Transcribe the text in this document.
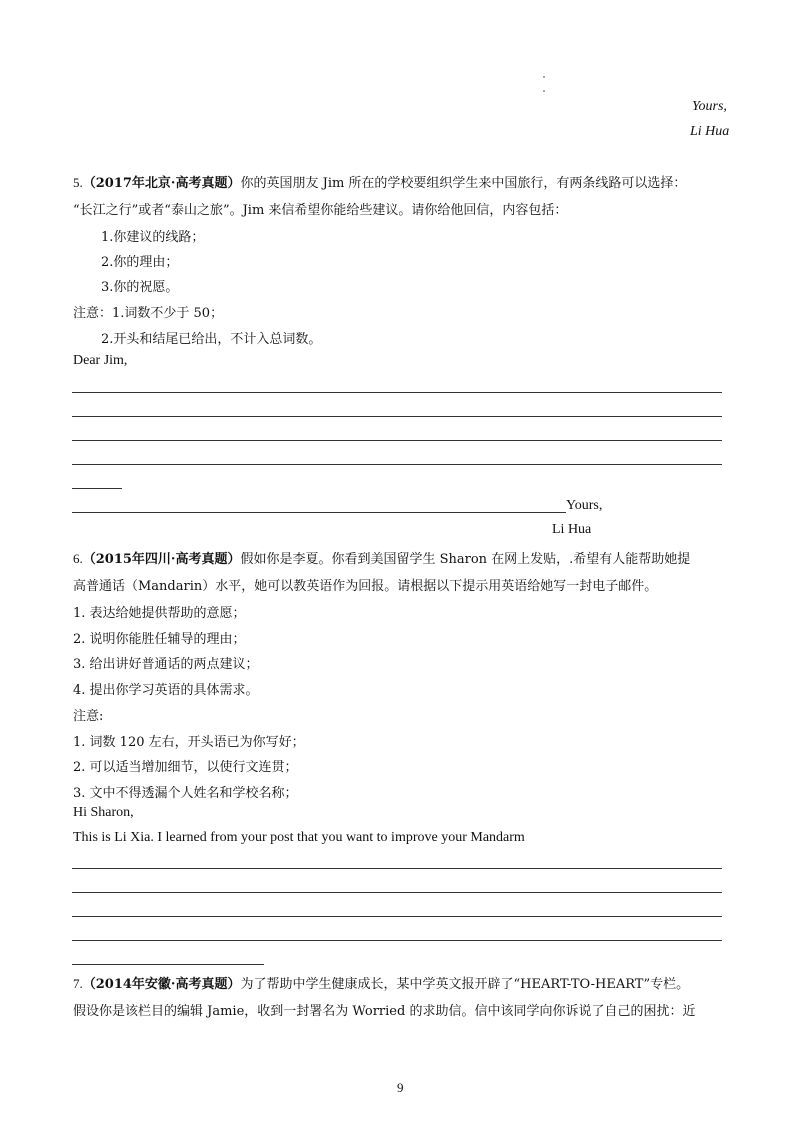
Yours,
Li Hua
5.（2017年北京·高考真题）你的英国朋友 Jim 所在的学校要组织学生来中国旅行，有两条线路可以选择：
“长江之行”或者“泰山之旅”。Jim 来信希望你能给些建议。请你给他回信，内容包括：
1.你建议的线路；
2.你的理由；
3.你的祝愿。
注意：1.词数不少于 50；
2.开头和结尾已给出，不计入总词数。
Dear Jim,
Yours,
Li Hua
6.（2015年四川·高考真题）假如你是李夏。你看到美国留学生 Sharon 在网上发贴，.希望有人能帮助她提
高普通话（Mandarin）水平，她可以教英语作为回报。请根据以下提示用英语给她写一封电子邮件。
1. 表达给她提供帮助的意愿；
2. 说明你能胜任辅导的理由；
3. 给出讲好普通话的两点建议；
4. 提出你学习英语的具体需求。
注意:
1. 词数 120 左右，开头语已为你写好；
2. 可以适当增加细节，以使行文连贯；
3. 文中不得透漏个人姓名和学校名称；
Hi Sharon,
This is Li Xia. I learned from your post that you want to improve your Mandarm
7.（2014年安徽·高考真题）为了帮助中学生健康成长，某中学英文报开辟了“HEART-TO-HEART”专栏。
假设你是该栏目的编辑 Jamie，收到一封署名为 Worried 的求助信。信中该同学向你诉说了自己的困扰：近
9
